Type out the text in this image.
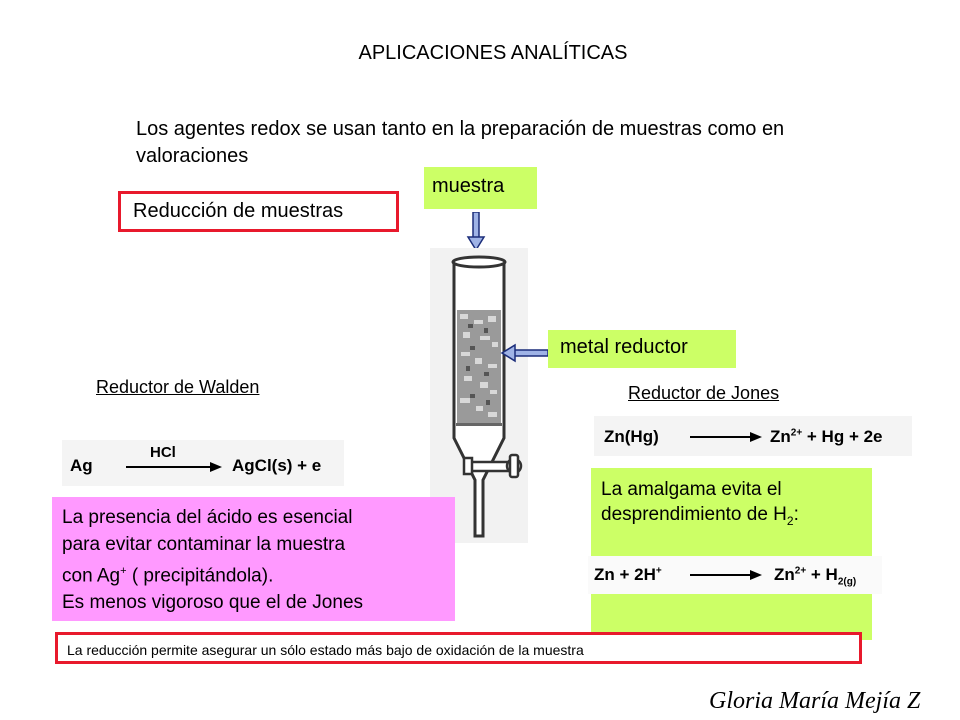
APLICACIONES ANALÍTICAS
Los agentes redox se usan tanto en la preparación de muestras como en valoraciones
Reducción de muestras
muestra
metal reductor
Reductor de Walden
Ag
HCl
AgCl(s) + e
La presencia del ácido es esencial
para evitar contaminar la muestra
con Ag+ ( precipitándola).
Es menos vigoroso que el de Jones
Reductor de Jones
Zn(Hg)	$Zn^{2+} + Hg + 2e$
La amalgama evita el desprendimiento de $H_2$:
Zn + 2H+	$Zn^{2+} + H_{2(g)}$
La reducción permite asegurar un sólo estado más bajo de oxidación de la muestra
Gloria María Mejía Z
